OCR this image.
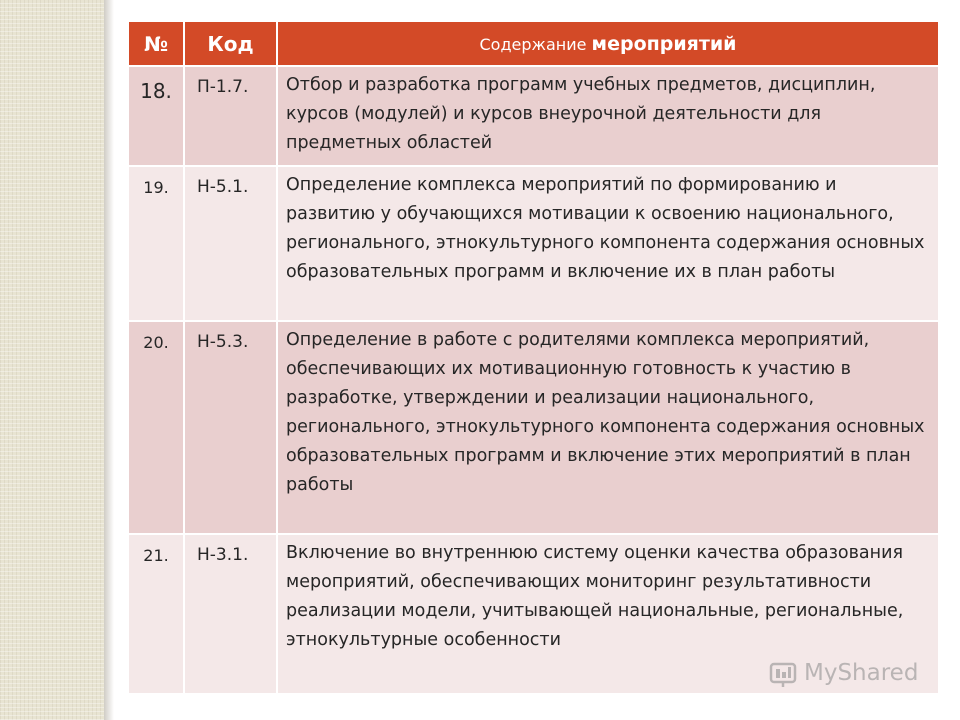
№	Код	Содержание мероприятий
18.	П-1.7.	Отбор и разработка программ учебных предметов, дисциплин, курсов (модулей) и курсов внеурочной деятельности для предметных областей
19.	Н-5.1.	Определение комплекса мероприятий по формированию и развитию у обучающихся мотивации к освоению национального, регионального, этнокультурного компонента содержания основных образовательных программ и включение их в план работы
20.	Н-5.3.	Определение в работе с родителями комплекса мероприятий, обеспечивающих их мотивационную готовность к участию в разработке, утверждении и реализации национального, регионального, этнокультурного компонента содержания основных образовательных программ и включение этих мероприятий в план работы
21.	Н-3.1.	Включение во внутреннюю систему оценки качества образования мероприятий, обеспечивающих мониторинг результативности реализации модели, учитывающей национальные, региональные, этнокультурные особенности
MyShared
